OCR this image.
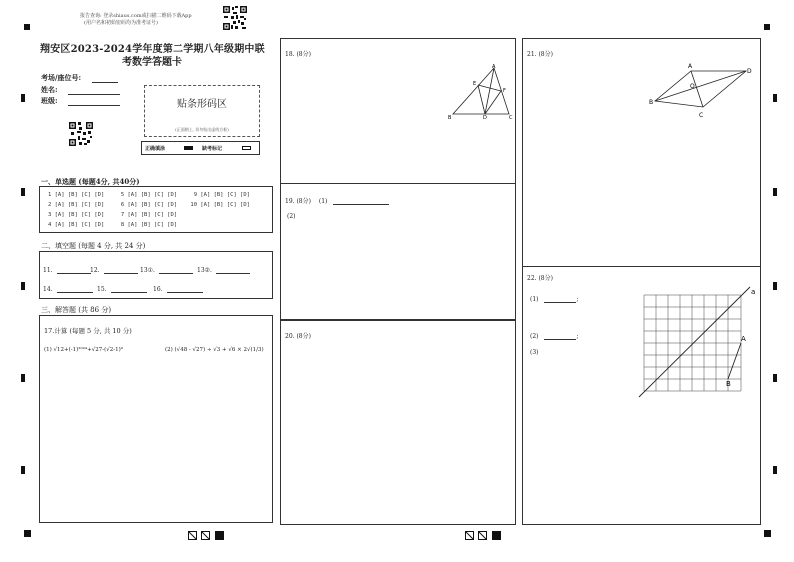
报告查询: 登录shiaus.com或扫描二维码下载App
(用户名和初始密码均为准考证号)
翔安区2023-2024学年度第二学期八年级期中联
考数学答题卡
考场/座位号:
姓名:
班级:	贴条形码区
(正面朝上, 切勿贴出虚线方框)
正确填涂	缺考标记
一、单选题 (每题4分, 共40分)
1 [A] [B] [C] [D]     5 [A] [B] [C] [D]     9 [A] [B] [C] [D]
2 [A] [B] [C] [D]     6 [A] [B] [C] [D]    10 [A] [B] [C] [D]
3 [A] [B] [C] [D]     7 [A] [B] [C] [D]
4 [A] [B] [C] [D]     8 [A] [B] [C] [D]
二、填空题 (每题 4 分, 共 24 分)
11.	12.	13①.	13②.
14.	15.	16.
三、解答题 (共 86 分)
17.计算 (每题 5 分, 共 10 分)
(1) √12+(-1)²⁰²⁴+√27-(√2-1)⁰	(2) (√48 - √27) ÷ √3 + √6 × 2√(1/3)
18. (8分)
A
E
F
B	D	C
19. (8分) (1)
(2)
20. (8分)
21. (8分)
A
D
O
B
C
22. (8分)
(1)	;
(2)	;
(3)
a
A
B
